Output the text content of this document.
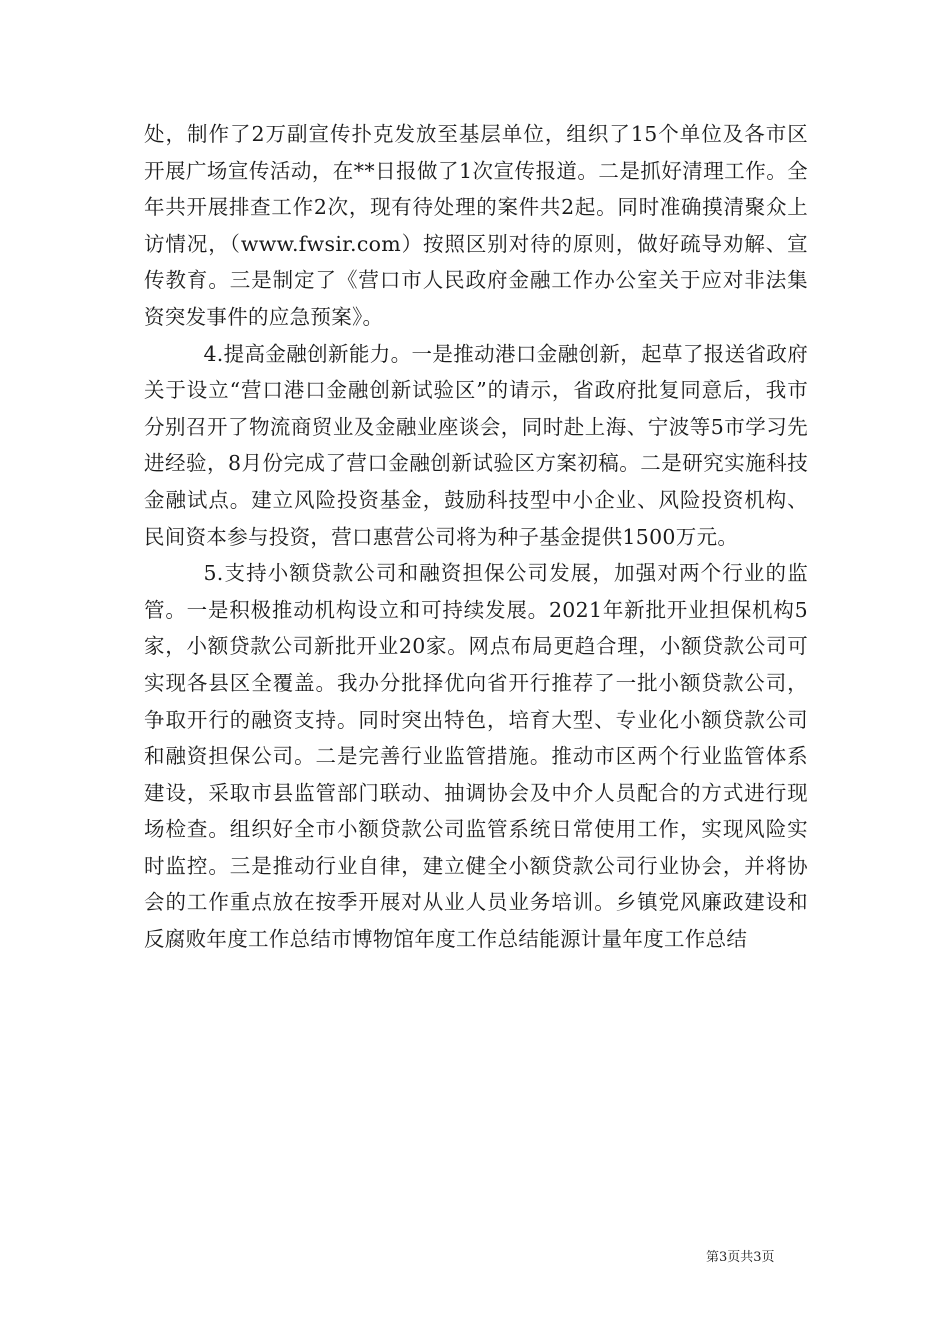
处，制作了2万副宣传扑克发放至基层单位，组织了15个单位及各市区开展广场宣传活动，在**日报做了1次宣传报道。二是抓好清理工作。全年共开展排查工作2次，现有待处理的案件共2起。同时准确摸清聚众上访情况，（www.fwsir.com）按照区别对待的原则，做好疏导劝解、宣传教育。三是制定了《营口市人民政府金融工作办公室关于应对非法集资突发事件的应急预案》。

4.提高金融创新能力。一是推动港口金融创新，起草了报送省政府关于设立“营口港口金融创新试验区”的请示，省政府批复同意后，我市分别召开了物流商贸业及金融业座谈会，同时赴上海、宁波等5市学习先进经验，8月份完成了营口金融创新试验区方案初稿。二是研究实施科技金融试点。建立风险投资基金，鼓励科技型中小企业、风险投资机构、民间资本参与投资，营口惠营公司将为种子基金提供1500万元。

5.支持小额贷款公司和融资担保公司发展，加强对两个行业的监管。一是积极推动机构设立和可持续发展。2021年新批开业担保机构5家，小额贷款公司新批开业20家。网点布局更趋合理，小额贷款公司可实现各县区全覆盖。我办分批择优向省开行推荐了一批小额贷款公司，争取开行的融资支持。同时突出特色，培育大型、专业化小额贷款公司和融资担保公司。二是完善行业监管措施。推动市区两个行业监管体系建设，采取市县监管部门联动、抽调协会及中介人员配合的方式进行现场检查。组织好全市小额贷款公司监管系统日常使用工作，实现风险实时监控。三是推动行业自律，建立健全小额贷款公司行业协会，并将协会的工作重点放在按季开展对从业人员业务培训。乡镇党风廉政建设和反腐败年度工作总结市博物馆年度工作总结能源计量年度工作总结

第3页共3页
